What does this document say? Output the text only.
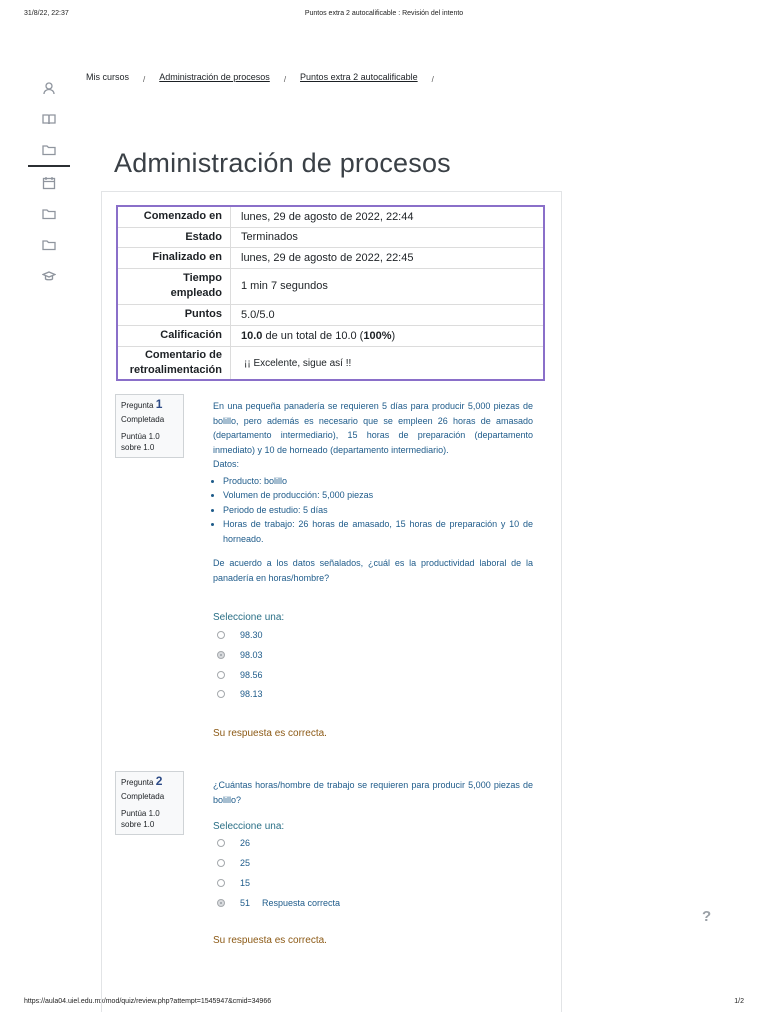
31/8/22, 22:37	Puntos extra 2 autocalificable : Revisión del intento
https://aula04.uiel.edu.mx/mod/quiz/review.php?attempt=1545947&cmid=34966	1/2
Mis cursos / Administración de procesos / Puntos extra 2 autocalificable /
Administración de procesos
Comenzado en	lunes, 29 de agosto de 2022, 22:44
Estado	Terminados
Finalizado en	lunes, 29 de agosto de 2022, 22:45
Tiempo
empleado	1 min 7 segundos
Puntos	5.0/5.0
Calificación	10.0 de un total de 10.0 (100%)
Comentario de
retroalimentación	¡¡ Excelente, sigue así !!
Pregunta 1
Completada
Puntúa 1.0
sobre 1.0

En una pequeña panadería se requieren 5 días para producir 5,000 piezas de bolillo, pero además es necesario que se empleen 26 horas de amasado (departamento intermediario), 15 horas de preparación (departamento inmediato) y 10 de horneado (departamento intermediario).

Datos:

• Producto: bolillo
• Volumen de producción: 5,000 piezas
• Periodo de estudio: 5 días
• Horas de trabajo: 26 horas de amasado, 15 horas de preparación y 10 de horneado.

De acuerdo a los datos señalados, ¿cuál es la productividad laboral de la panadería en horas/hombre?

Seleccione una:
98.30
98.03
98.56
98.13
Su respuesta es correcta.
Pregunta 2
Completada
Puntúa 1.0
sobre 1.0

¿Cuántas horas/hombre de trabajo se requieren para producir 5,000 piezas de bolillo?

Seleccione una:
26
25
15
51 Respuesta correcta
Su respuesta es correcta.
?
